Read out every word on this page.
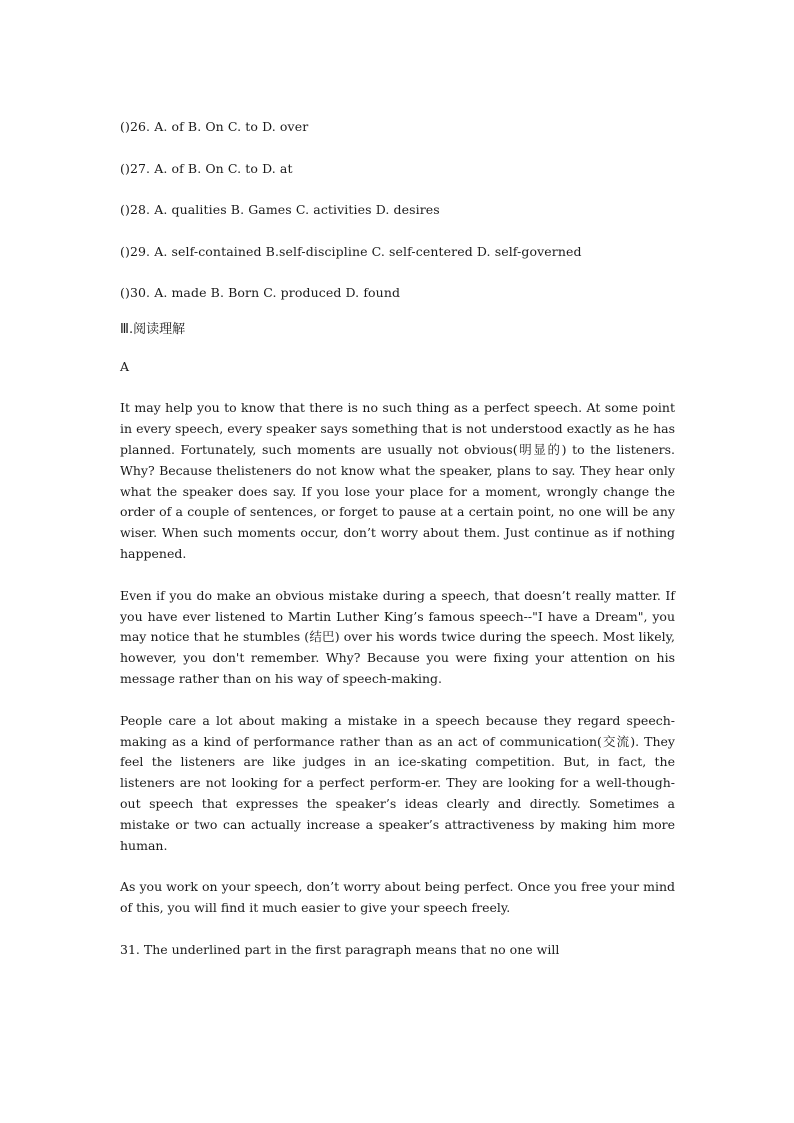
()26. A. of B. On C. to D. over
()27. A. of B. On C. to D. at
()28. A. qualities B. Games C. activities D. desires
()29. A. self-contained B.self-discipline C. self-centered D. self-governed
()30. A. made B. Born C. produced D. found
Ⅲ.阅读理解
A

It may help you to know that there is no such thing as a perfect speech. At some point in every speech, every speaker says something that is not understood exactly as he has planned. Fortunately, such moments are usually not obvious(明显的) to the listeners. Why? Because thelisteners do not know what the speaker, plans to say. They hear only what the speaker does say. If you lose your place for a moment, wrongly change the order of a couple of sentences, or forget to pause at a certain point, no one will be any wiser. When such moments occur, don’t worry about them. Just continue as if nothing happened.

Even if you do make an obvious mistake during a speech, that doesn’t really matter. If you have ever listened to Martin Luther King’s famous speech--"I have a Dream", you may notice that he stumbles (结巴) over his words twice during the speech. Most likely, however, you don't remember. Why? Because you were fixing your attention on his message rather than on his way of speech-making.

People care a lot about making a mistake in a speech because they regard speech-making as a kind of performance rather than as an act of communication(交流). They feel the listeners are like judges in an ice-skating competition. But, in fact, the listeners are not looking for a perfect perform-er. They are looking for a well-though-out speech that expresses the speaker’s ideas clearly and directly. Sometimes a mistake or two can actually increase a speaker’s attractiveness by making him more human.

As you work on your speech, don’t worry about being perfect. Once you free your mind of this, you will find it much easier to give your speech freely.

31. The underlined part in the first paragraph means that no one will
